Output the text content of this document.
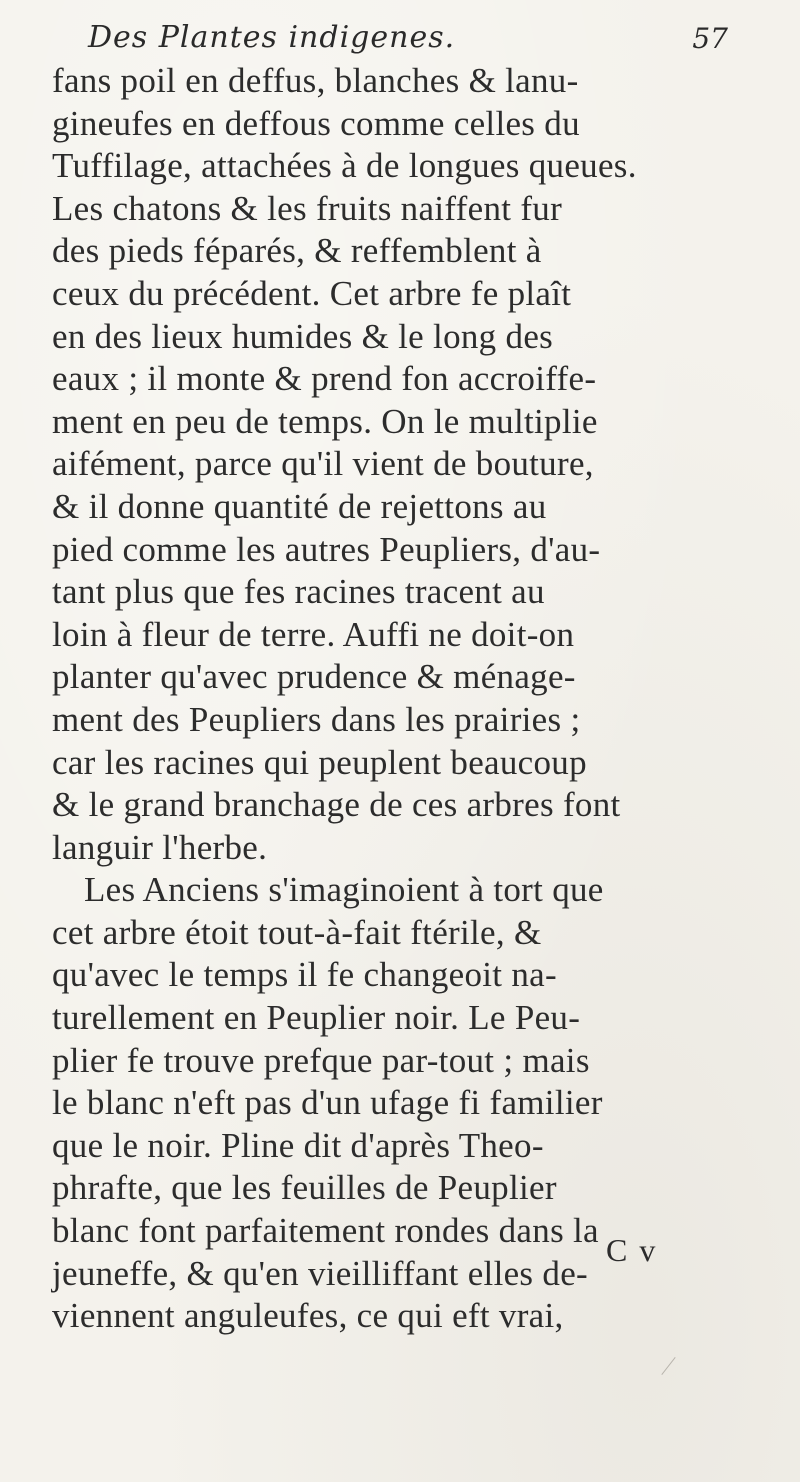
Des Plantes indigenes.	57
fans poil en deffus, blanches & lanu-
gineufes en deffous comme celles du
Tuffilage, attachées à de longues queues.
Les chatons & les fruits naiffent fur
des pieds féparés, & reffemblent à
ceux du précédent. Cet arbre fe plaît
en des lieux humides & le long des
eaux ; il monte & prend fon accroiffe-
ment en peu de temps. On le multiplie
aifément, parce qu'il vient de bouture,
& il donne quantité de rejettons au
pied comme les autres Peupliers, d'au-
tant plus que fes racines tracent au
loin à fleur de terre. Auffi ne doit-on
planter qu'avec prudence & ménage-
ment des Peupliers dans les prairies ;
car les racines qui peuplent beaucoup
& le grand branchage de ces arbres font
languir l'herbe.
Les Anciens s'imaginoient à tort que
cet arbre étoit tout-à-fait ftérile, &
qu'avec le temps il fe changeoit na-
turellement en Peuplier noir. Le Peu-
plier fe trouve prefque par-tout ; mais
le blanc n'eft pas d'un ufage fi familier
que le noir. Pline dit d'après Theo-
phrafte, que les feuilles de Peuplier
blanc font parfaitement rondes dans la
jeuneffe, & qu'en vieilliffant elles de-
viennent anguleufes, ce qui eft vrai,
C v
